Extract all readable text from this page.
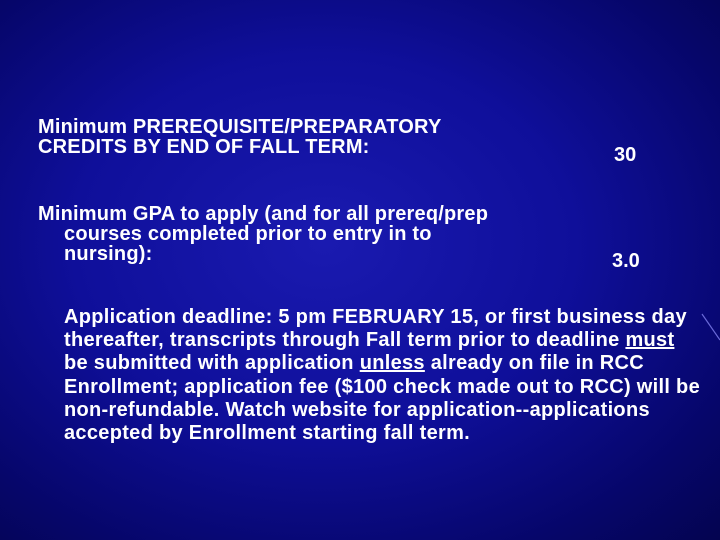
Minimum PREREQUISITE/PREPARATORY
CREDITS BY END OF FALL TERM:	30
Minimum GPA to apply (and for all prereq/prep
courses completed prior to entry in to
nursing):	3.0
Application deadline: 5 pm FEBRUARY 15, or first business day thereafter, transcripts through Fall term prior to deadline must be submitted with application unless already on file in RCC Enrollment; application fee ($100 check made out to RCC) will be non-refundable. Watch website for application--applications accepted by Enrollment starting fall term.
